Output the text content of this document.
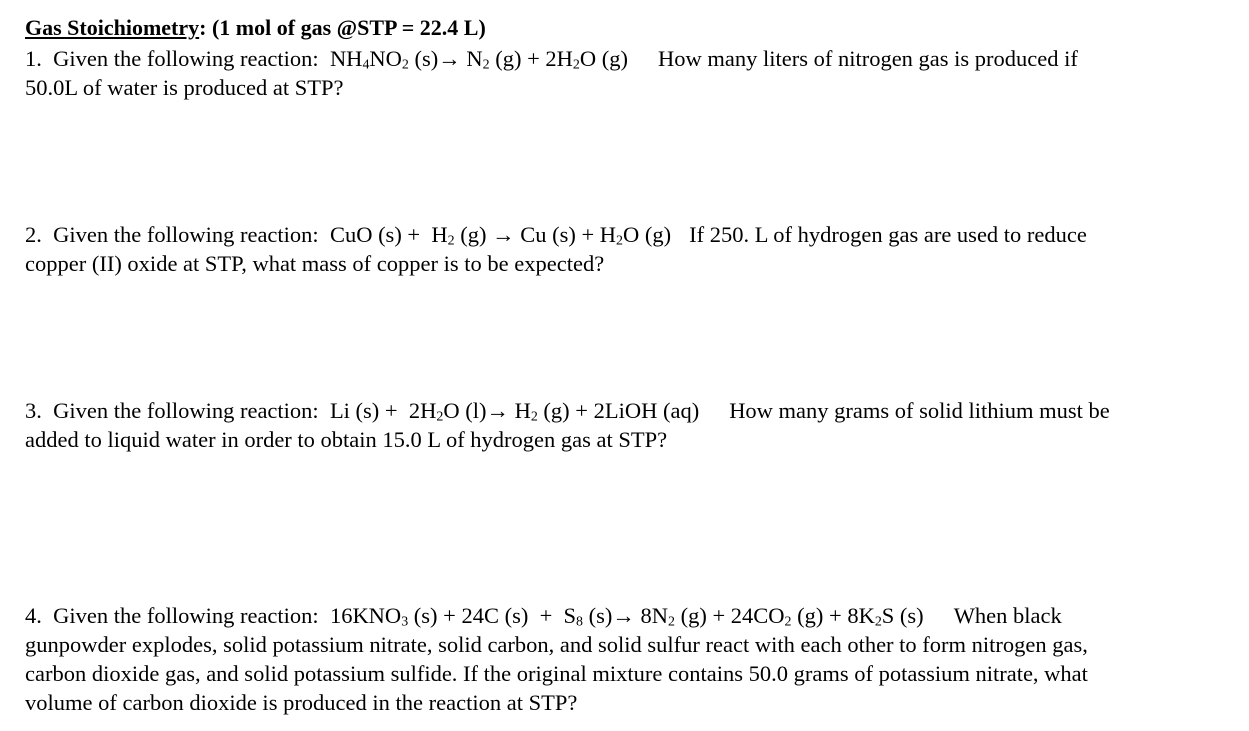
Gas Stoichiometry: (1 mol of gas @STP = 22.4 L)
1. Given the following reaction: $NH_4NO_2$ $(s)\to N_2$ $(g) + 2H_2O$ (g) How many liters of nitrogen gas is produced if
50.0L of water is produced at STP?
2. Given the following reaction: CuO $(s) + H_2$ (g) → Cu $(s) + H_2O$ (g) If 250. L of hydrogen gas are used to reduce
copper (II) oxide at STP, what mass of copper is to be expected?
3. Given the following reaction: Li $(s) + 2H_2O$ $(l)\to H_2$ (g) + 2LiOH (aq) How many grams of solid lithium must be
added to liquid water in order to obtain 15.0 L of hydrogen gas at STP?
4. Given the following reaction: $16KNO_3$ (s) + 24C $(s) + S_8$ $(s)\to 8N_2$ $(g) + 24CO_2$ $(g) + 8K_2S$ (s) When black
gunpowder explodes, solid potassium nitrate, solid carbon, and solid sulfur react with each other to form nitrogen gas,
carbon dioxide gas, and solid potassium sulfide. If the original mixture contains 50.0 grams of potassium nitrate, what
volume of carbon dioxide is produced in the reaction at STP?
